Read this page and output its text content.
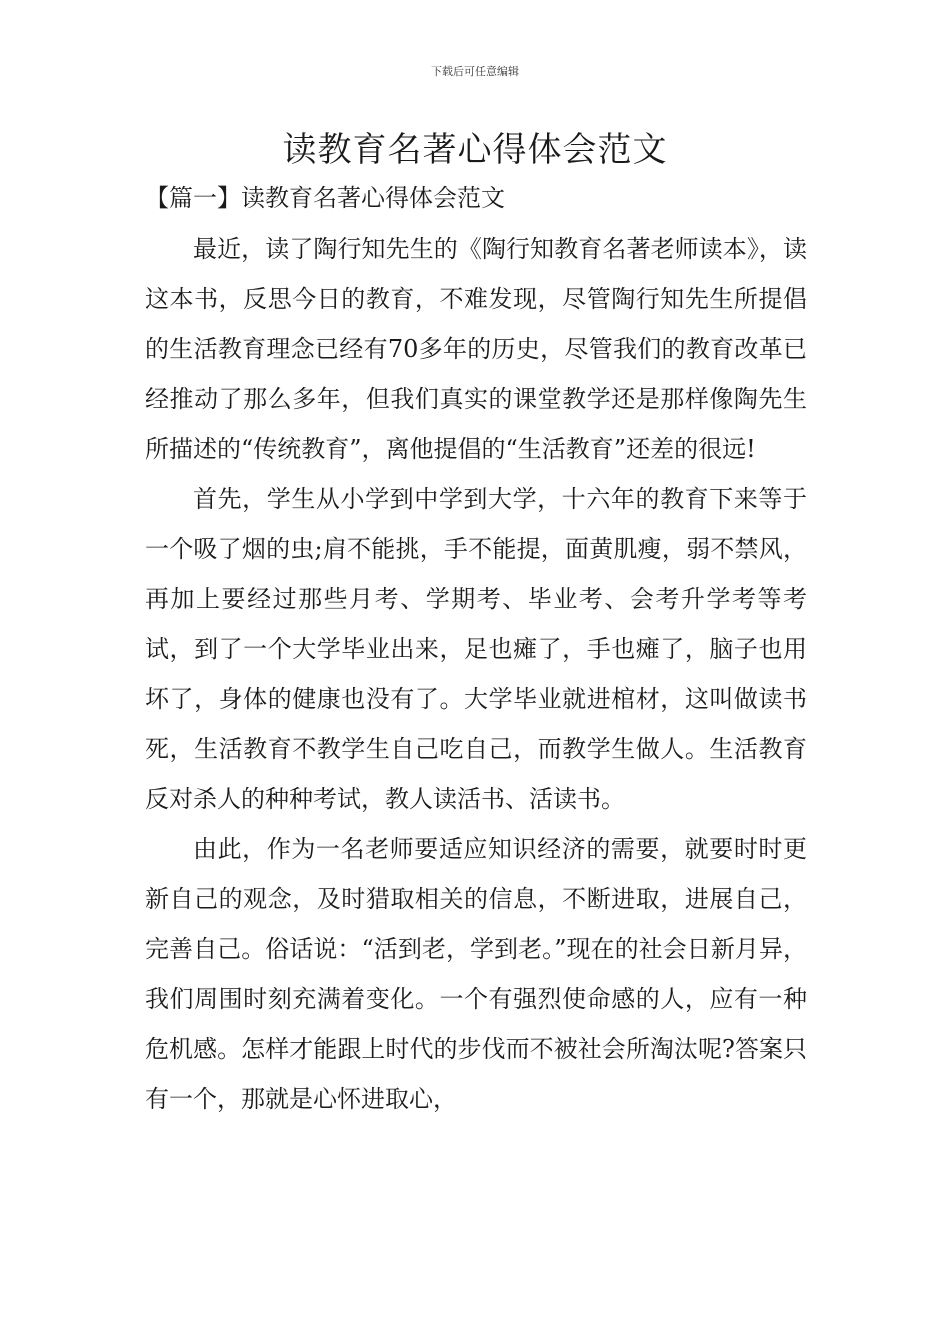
下载后可任意编辑
读教育名著心得体会范文
【篇一】读教育名著心得体会范文

最近，读了陶行知先生的《陶行知教育名著老师读本》，读这本书，反思今日的教育，不难发现，尽管陶行知先生所提倡的生活教育理念已经有70多年的历史，尽管我们的教育改革已经推动了那么多年，但我们真实的课堂教学还是那样像陶先生所描述的“传统教育”，离他提倡的“生活教育”还差的很远!

首先，学生从小学到中学到大学，十六年的教育下来等于一个吸了烟的虫;肩不能挑，手不能提，面黄肌瘦，弱不禁风，再加上要经过那些月考、学期考、毕业考、会考升学考等考试，到了一个大学毕业出来，足也瘫了，手也瘫了，脑子也用坏了，身体的健康也没有了。大学毕业就进棺材，这叫做读书死，生活教育不教学生自己吃自己，而教学生做人。生活教育反对杀人的种种考试，教人读活书、活读书。

由此，作为一名老师要适应知识经济的需要，就要时时更新自己的观念，及时猎取相关的信息，不断进取，进展自己，完善自己。俗话说：“活到老，学到老。”现在的社会日新月异，我们周围时刻充满着变化。一个有强烈使命感的人，应有一种危机感。怎样才能跟上时代的步伐而不被社会所淘汰呢?答案只有一个，那就是心怀进取心，
